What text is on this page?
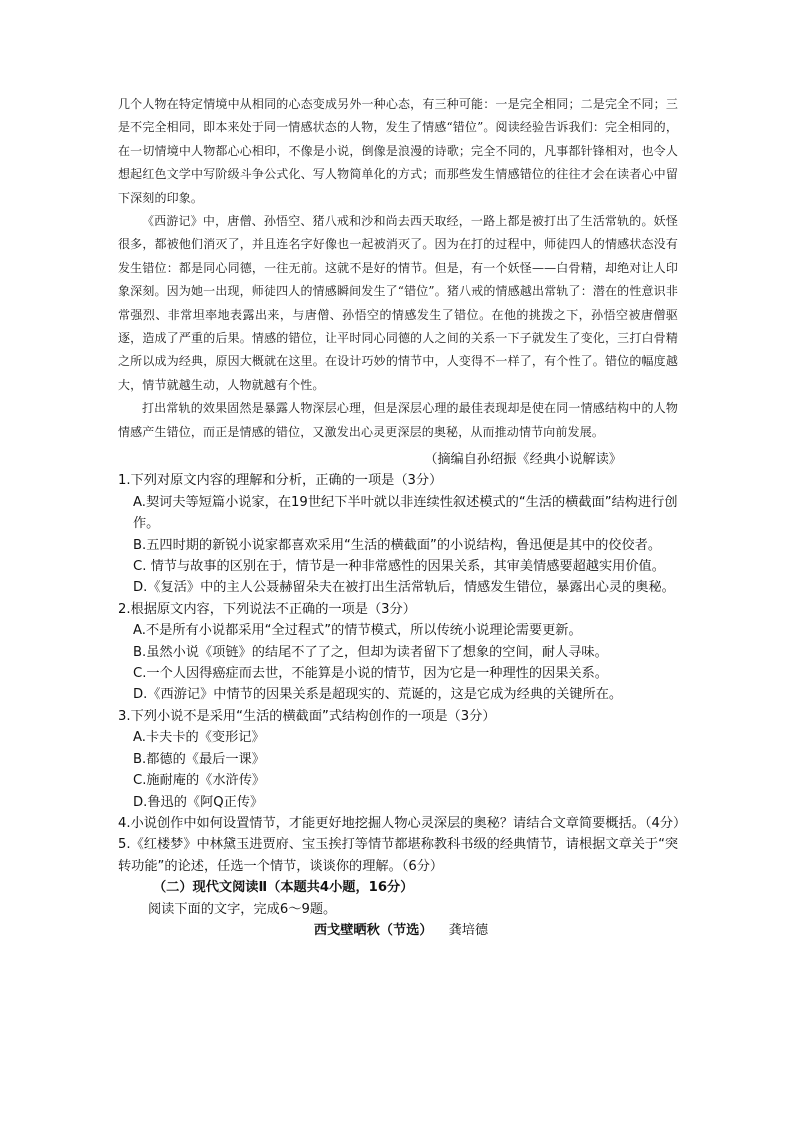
几个人物在特定情境中从相同的心态变成另外一种心态，有三种可能：一是完全相同；二是完全不同；三是不完全相同，即本来处于同一情感状态的人物，发生了情感“错位”。阅读经验告诉我们：完全相同的，在一切情境中人物都心心相印，不像是小说，倒像是浪漫的诗歌；完全不同的，凡事都针锋相对，也令人想起红色文学中写阶级斗争公式化、写人物简单化的方式；而那些发生情感错位的往往才会在读者心中留下深刻的印象。

《西游记》中，唐僧、孙悟空、猪八戒和沙和尚去西天取经，一路上都是被打出了生活常轨的。妖怪很多，都被他们消灭了，并且连名字好像也一起被消灭了。因为在打的过程中，师徒四人的情感状态没有发生错位：都是同心同德，一往无前。这就不是好的情节。但是，有一个妖怪——白骨精，却绝对让人印象深刻。因为她一出现，师徒四人的情感瞬间发生了“错位”。猪八戒的情感越出常轨了：潜在的性意识非常强烈、非常坦率地表露出来，与唐僧、孙悟空的情感发生了错位。在他的挑拨之下，孙悟空被唐僧驱逐，造成了严重的后果。情感的错位，让平时同心同德的人之间的关系一下子就发生了变化，三打白骨精之所以成为经典，原因大概就在这里。在设计巧妙的情节中，人变得不一样了，有个性了。错位的幅度越大，情节就越生动，人物就越有个性。

打出常轨的效果固然是暴露人物深层心理，但是深层心理的最佳表现却是使在同一情感结构中的人物情感产生错位，而正是情感的错位，又激发出心灵更深层的奥秘，从而推动情节向前发展。

（摘编自孙绍振《经典小说解读》

1.下列对原文内容的理解和分析，正确的一项是（3分）

A.契诃夫等短篇小说家，在19世纪下半叶就以非连续性叙述模式的“生活的横截面”结构进行创作。

B.五四时期的新锐小说家都喜欢采用“生活的横截面”的小说结构，鲁迅便是其中的佼佼者。

C. 情节与故事的区别在于，情节是一种非常感性的因果关系，其审美情感要超越实用价值。

D.《复活》中的主人公聂赫留朵夫在被打出生活常轨后，情感发生错位，暴露出心灵的奥秘。

2.根据原文内容，下列说法不正确的一项是（3分）

A.不是所有小说都采用“全过程式”的情节模式，所以传统小说理论需要更新。

B.虽然小说《项链》的结尾不了了之，但却为读者留下了想象的空间，耐人寻味。

C.一个人因得癌症而去世，不能算是小说的情节，因为它是一种理性的因果关系。

D.《西游记》中情节的因果关系是超现实的、荒诞的，这是它成为经典的关键所在。

3.下列小说不是采用“生活的横截面”式结构创作的一项是（3分）

A.卡夫卡的《变形记》

B.都德的《最后一课》

C.施耐庵的《水浒传》

D.鲁迅的《阿Q正传》

4.小说创作中如何设置情节，才能更好地挖掘人物心灵深层的奥秘？请结合文章简要概括。（4分）

5.《红楼梦》中林黛玉进贾府、宝玉挨打等情节都堪称教科书级的经典情节，请根据文章关于“突转功能”的论述，任选一个情节，谈谈你的理解。（6分）

（二）现代文阅读Ⅱ（本题共4小题，16分）

阅读下面的文字，完成6～9题。

西戈壁晒秋（节选） 龚培德
